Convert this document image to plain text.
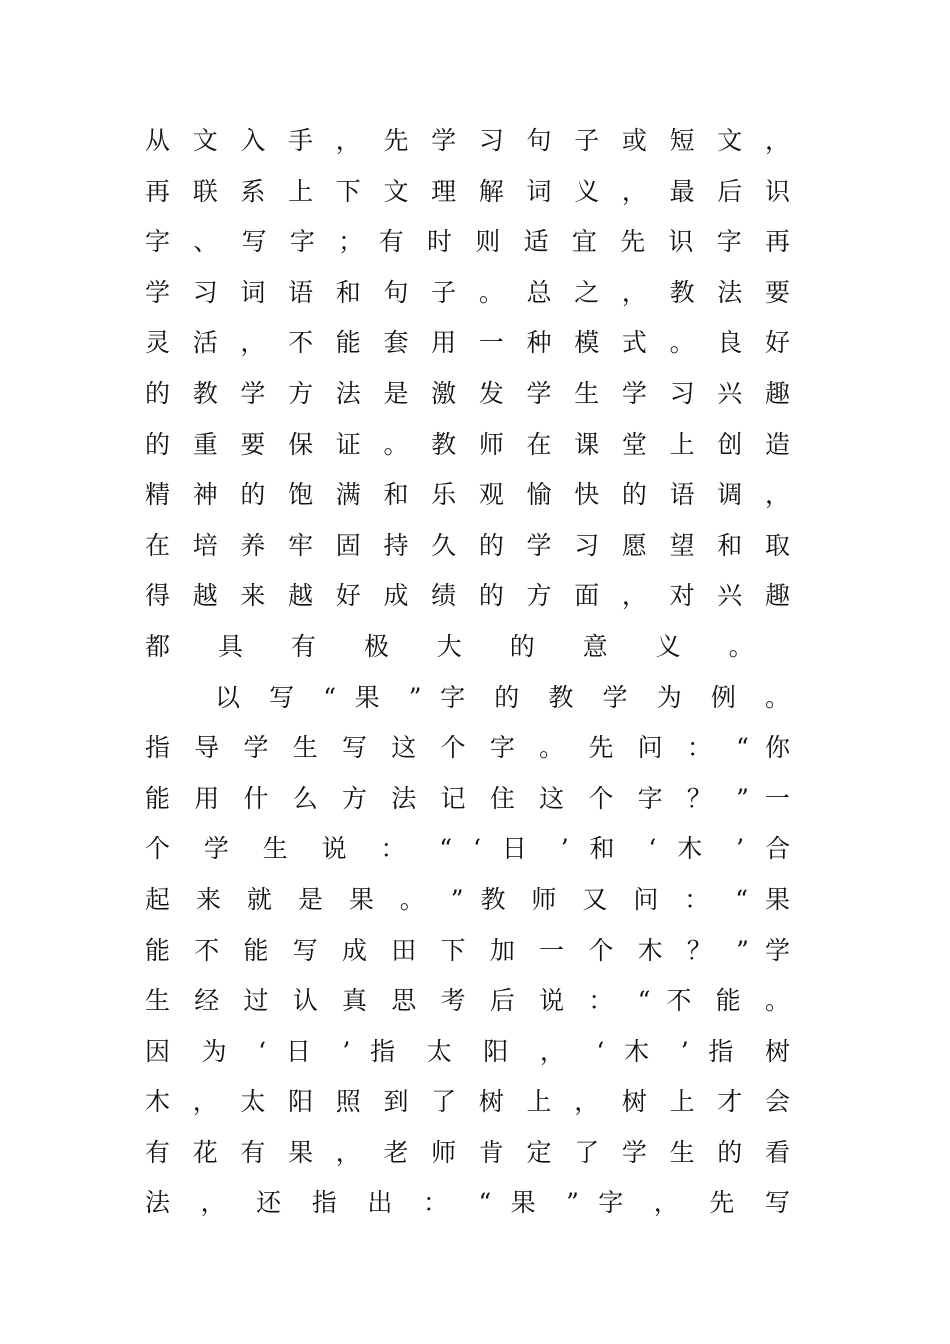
从 文 入 手 ， 先 学 习 句 子 或 短 文 ，
再 联 系 上 下 文 理 解 词 义 ， 最 后 识
字 、 写 字 ； 有 时 则 适 宜 先 识 字 再
学 习 词 语 和 句 子 。 总 之 ， 教 法 要
灵 活 ， 不 能 套 用 一 种 模 式 。 良 好
的 教 学 方 法 是 激 发 学 生 学 习 兴 趣
的 重 要 保 证 。 教 师 在 课 堂 上 创 造
精 神 的 饱 满 和 乐 观 愉 快 的 语 调 ，
在 培 养 牢 固 持 久 的 学 习 愿 望 和 取
得 越 来 越 好 成 绩 的 方 面 ， 对 兴 趣
都 具 有 极 大 的 意 义 。
以 写 “ 果 ” 字 的 教 学 为 例 。
指 导 学 生 写 这 个 字 。 先 问 ： “ 你
能 用 什 么 方 法 记 住 这 个 字 ？ ” 一
个 学 生 说 ： “ ‘ 日 ’ 和 ‘ 木 ’ 合
起 来 就 是 果 。 ” 教 师 又 问 ： “ 果
能 不 能 写 成 田 下 加 一 个 木 ？ ” 学
生 经 过 认 真 思 考 后 说 ： “ 不 能 。
因 为 ‘ 日 ’ 指 太 阳 ， ‘ 木 ’ 指 树
木 ， 太 阳 照 到 了 树 上 ， 树 上 才 会
有 花 有 果 ， 老 师 肯 定 了 学 生 的 看
法 ， 还 指 出 ： “ 果 ” 字 ， 先 写
